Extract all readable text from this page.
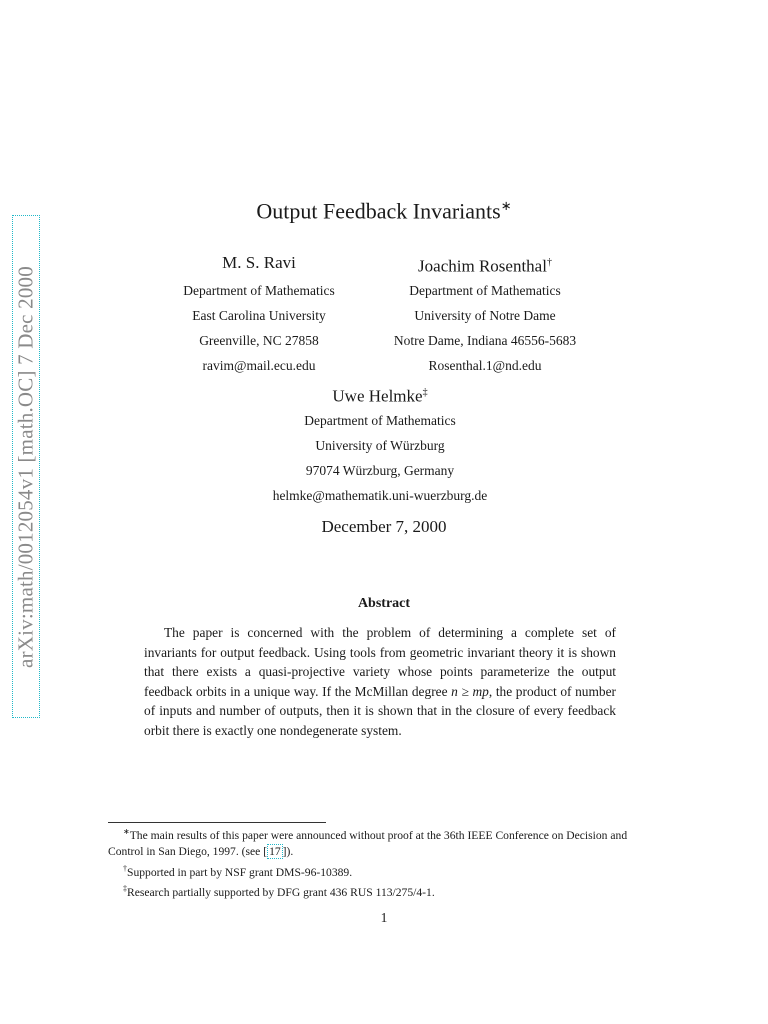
arXiv:math/0012054v1 [math.OC] 7 Dec 2000
Output Feedback Invariants∗
M. S. Ravi
Department of Mathematics
East Carolina University
Greenville, NC 27858
ravim@mail.ecu.edu
Joachim Rosenthal†
Department of Mathematics
University of Notre Dame
Notre Dame, Indiana 46556-5683
Rosenthal.1@nd.edu
Uwe Helmke‡
Department of Mathematics
University of Würzburg
97074 Würzburg, Germany
helmke@mathematik.uni-wuerzburg.de
December 7, 2000
Abstract

The paper is concerned with the problem of determining a complete set of invariants for output feedback. Using tools from geometric invariant theory it is shown that there exists a quasi-projective variety whose points parameterize the output feedback orbits in a unique way. If the McMillan degree n ≥ mp, the product of number of inputs and number of outputs, then it is shown that in the closure of every feedback orbit there is exactly one nondegenerate system.

∗The main results of this paper were announced without proof at the 36th IEEE Conference on Decision and Control in San Diego, 1997. (see [ 17 ]).

†Supported in part by NSF grant DMS-96-10389.

‡Research partially supported by DFG grant 436 RUS 113/275/4-1.

1
